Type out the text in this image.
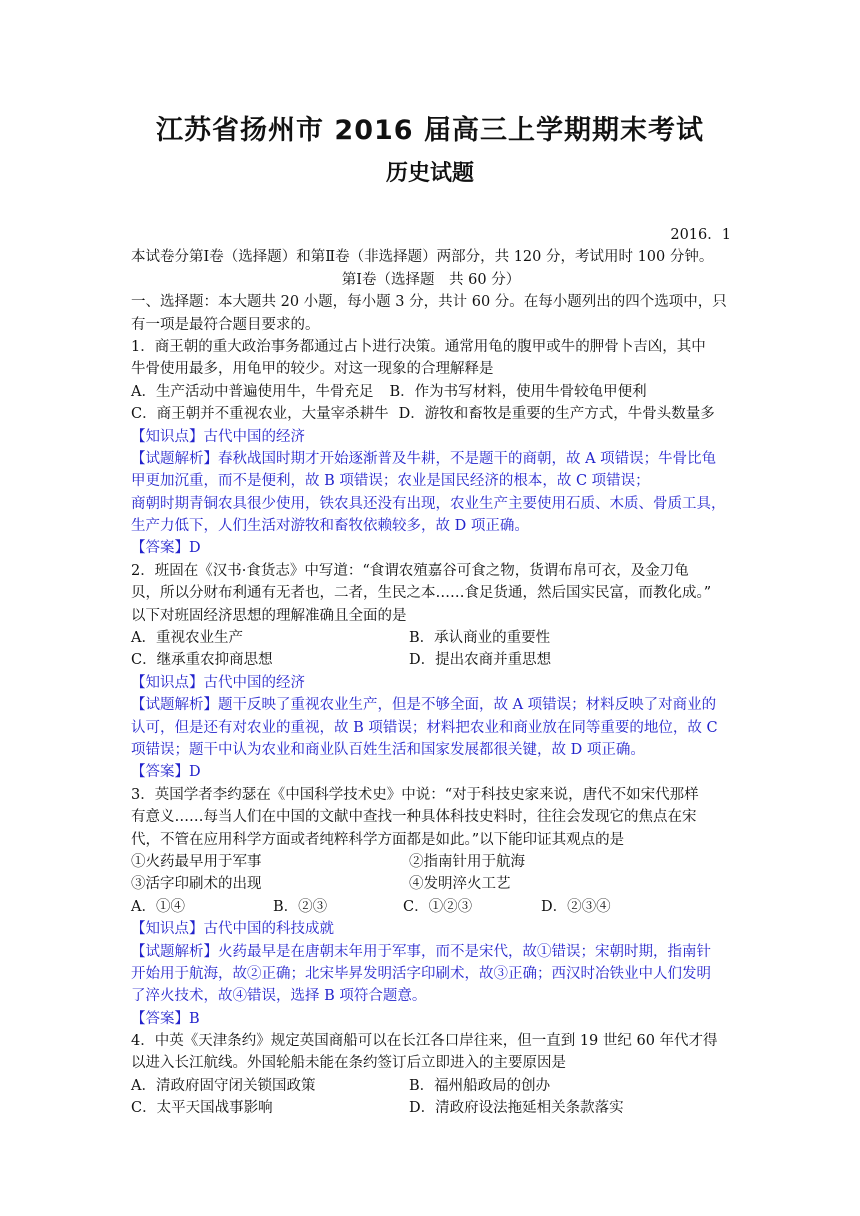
江苏省扬州市 2016 届高三上学期期末考试
历史试题
2016．1
本试卷分第Ⅰ卷（选择题）和第Ⅱ卷（非选择题）两部分，共 120 分，考试用时 100 分钟。
第Ⅰ卷（选择题　共 60 分）
一、选择题：本大题共 20 小题，每小题 3 分，共计 60 分。在每小题列出的四个选项中，只
有一项是最符合题目要求的。
1．商王朝的重大政治事务都通过占卜进行决策。通常用龟的腹甲或牛的胛骨卜吉凶，其中
牛骨使用最多，用龟甲的较少。对这一现象的合理解释是
A．生产活动中普遍使用牛，牛骨充足 B．作为书写材料，使用牛骨较龟甲便利
C．商王朝并不重视农业，大量宰杀耕牛 D．游牧和畜牧是重要的生产方式，牛骨头数量多
【知识点】古代中国的经济
【试题解析】春秋战国时期才开始逐渐普及牛耕，不是题干的商朝，故 A 项错误；牛骨比龟
甲更加沉重，而不是便利，故 B 项错误；农业是国民经济的根本，故 C 项错误；
商朝时期青铜农具很少使用，铁农具还没有出现，农业生产主要使用石质、木质、骨质工具，
生产力低下，人们生活对游牧和畜牧依赖较多，故 D 项正确。
【答案】D
2．班固在《汉书·食货志》中写道：“食谓农殖嘉谷可食之物，货谓布帛可衣，及金刀龟
贝，所以分财布利通有无者也，二者，生民之本……食足货通，然后国实民富，而教化成。”
以下对班固经济思想的理解准确且全面的是
A．重视农业生产	B．承认商业的重要性
C．继承重农抑商思想	D．提出农商并重思想
【知识点】古代中国的经济
【试题解析】题干反映了重视农业生产，但是不够全面，故 A 项错误；材料反映了对商业的
认可，但是还有对农业的重视，故 B 项错误；材料把农业和商业放在同等重要的地位，故 C
项错误；题干中认为农业和商业队百姓生活和国家发展都很关键，故 D 项正确。
【答案】D
3．英国学者李约瑟在《中国科学技术史》中说：“对于科技史家来说，唐代不如宋代那样
有意义……每当人们在中国的文献中查找一种具体科技史料时，往往会发现它的焦点在宋
代，不管在应用科学方面或者纯粹科学方面都是如此。”以下能印证其观点的是
①火药最早用于军事	②指南针用于航海
③活字印刷术的出现	④发明淬火工艺
A．①④	B．②③	C．①②③	D．②③④
【知识点】古代中国的科技成就
【试题解析】火药最早是在唐朝末年用于军事，而不是宋代，故①错误；宋朝时期，指南针
开始用于航海，故②正确；北宋毕昇发明活字印刷术，故③正确；西汉时冶铁业中人们发明
了淬火技术，故④错误，选择 B 项符合题意。
【答案】B
4．中英《天津条约》规定英国商船可以在长江各口岸往来，但一直到 19 世纪 60 年代才得
以进入长江航线。外国轮船未能在条约签订后立即进入的主要原因是
A．清政府固守闭关锁国政策	B．福州船政局的创办
C．太平天国战事影响	D．清政府设法拖延相关条款落实
